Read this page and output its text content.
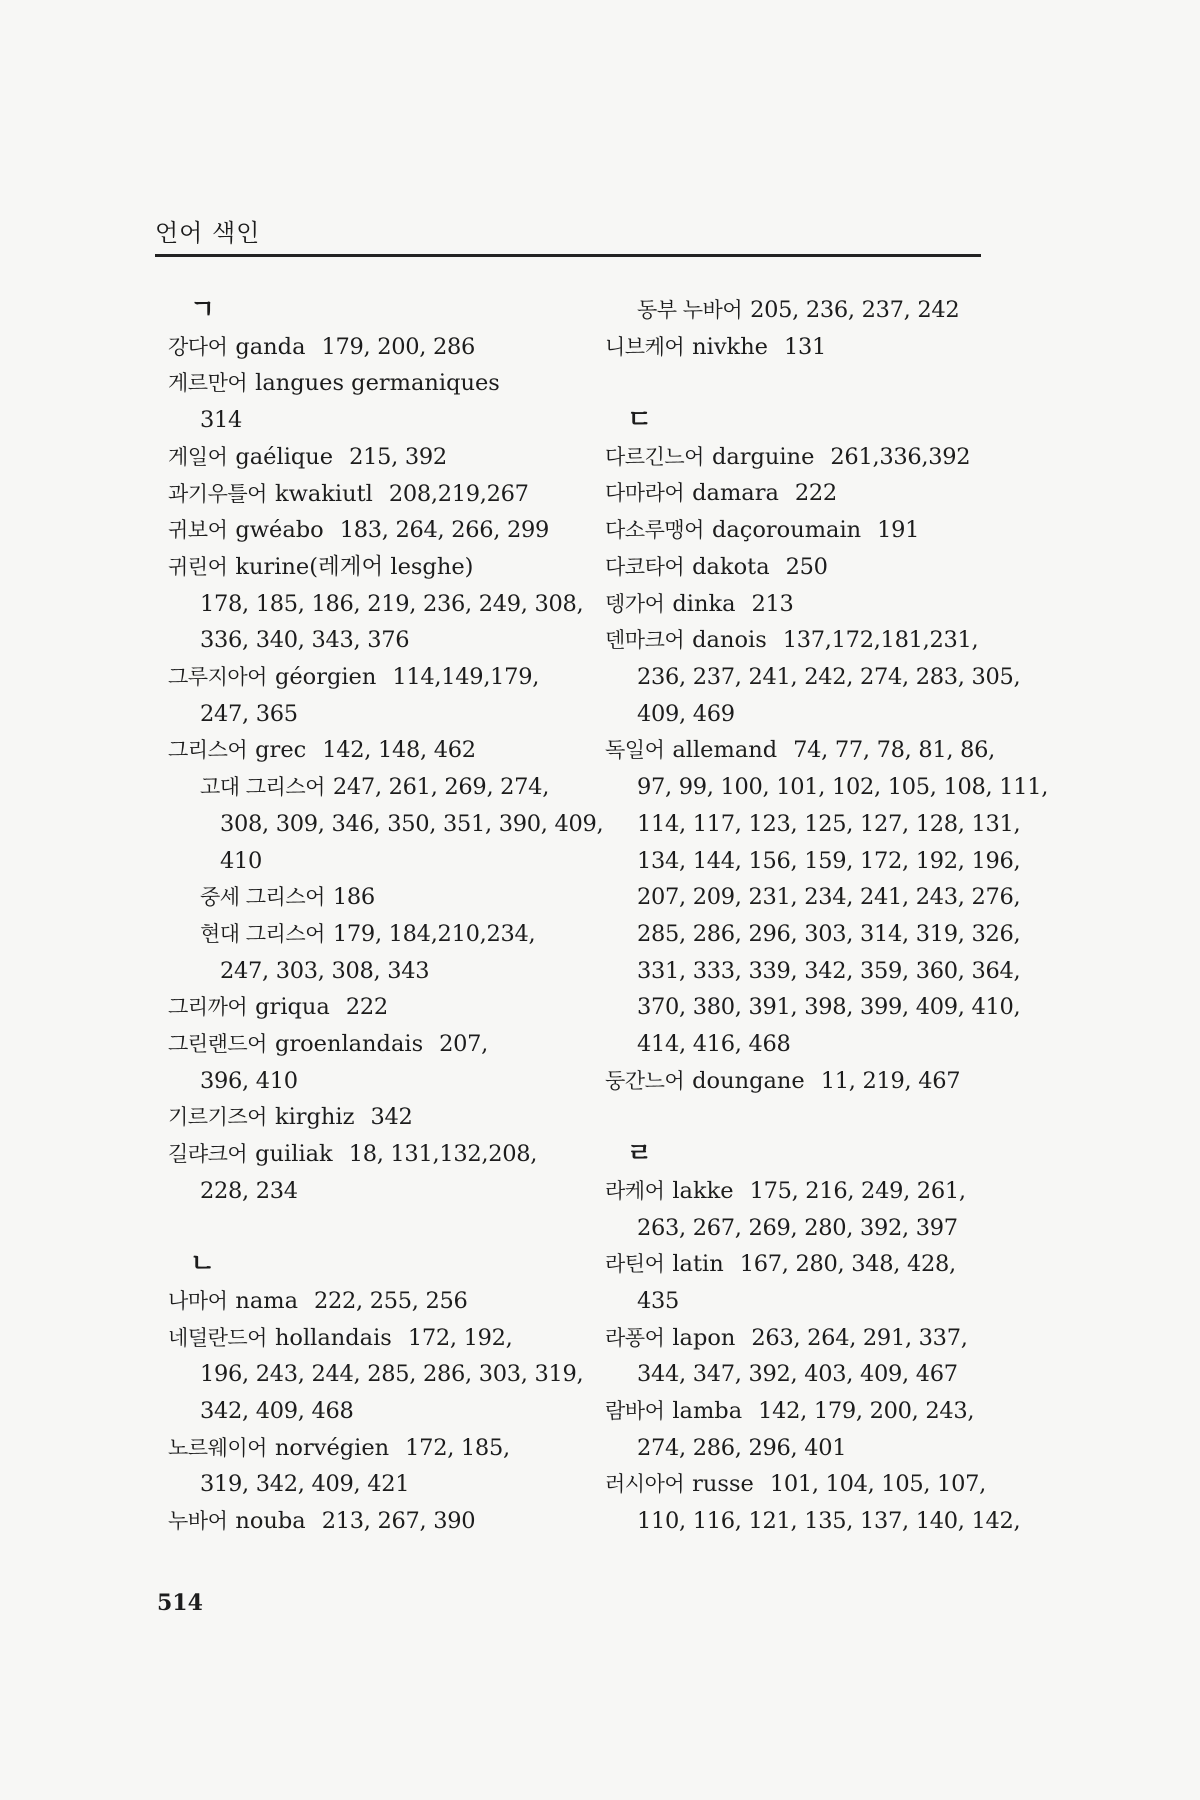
언어 색인
ㄱ
강다어 ganda 179, 200, 286
게르만어 langues germaniques
314
게일어 gaélique 215, 392
과기우틀어 kwakiutl 208,219,267
귀보어 gwéabo 183, 264, 266, 299
귀린어 kurine(레게어 lesghe)
178, 185, 186, 219, 236, 249, 308,
336, 340, 343, 376
그루지아어 géorgien 114,149,179,
247, 365
그리스어 grec 142, 148, 462
고대 그리스어 247, 261, 269, 274,
308, 309, 346, 350, 351, 390, 409,
410
중세 그리스어 186
현대 그리스어 179, 184,210,234,
247, 303, 308, 343
그리까어 griqua 222
그린랜드어 groenlandais 207,
396, 410
기르기즈어 kirghiz 342
길랴크어 guiliak 18, 131,132,208,
228, 234
ㄴ
나마어 nama 222, 255, 256
네덜란드어 hollandais 172, 192,
196, 243, 244, 285, 286, 303, 319,
342, 409, 468
노르웨이어 norvégien 172, 185,
319, 342, 409, 421
누바어 nouba 213, 267, 390
동부 누바어 205, 236, 237, 242
니브케어 nivkhe 131
ㄷ
다르긴느어 darguine 261,336,392
다마라어 damara 222
다소루맹어 daçoroumain 191
다코타어 dakota 250
뎅가어 dinka 213
덴마크어 danois 137,172,181,231,
236, 237, 241, 242, 274, 283, 305,
409, 469
독일어 allemand 74, 77, 78, 81, 86,
97, 99, 100, 101, 102, 105, 108, 111,
114, 117, 123, 125, 127, 128, 131,
134, 144, 156, 159, 172, 192, 196,
207, 209, 231, 234, 241, 243, 276,
285, 286, 296, 303, 314, 319, 326,
331, 333, 339, 342, 359, 360, 364,
370, 380, 391, 398, 399, 409, 410,
414, 416, 468
둥간느어 doungane 11, 219, 467
ㄹ
라케어 lakke 175, 216, 249, 261,
263, 267, 269, 280, 392, 397
라틴어 latin 167, 280, 348, 428,
435
라퐁어 lapon 263, 264, 291, 337,
344, 347, 392, 403, 409, 467
람바어 lamba 142, 179, 200, 243,
274, 286, 296, 401
러시아어 russe 101, 104, 105, 107,
110, 116, 121, 135, 137, 140, 142,
514
